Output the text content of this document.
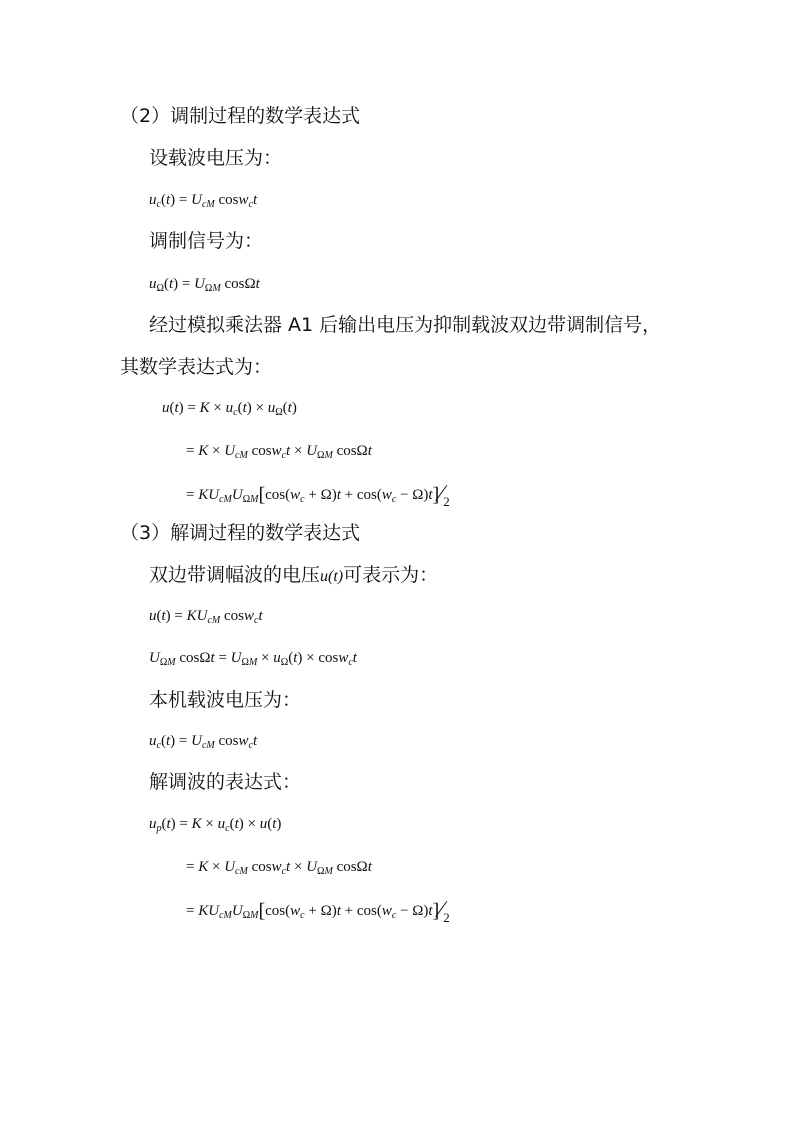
（2）调制过程的数学表达式
设载波电压为：
$u_c(t) = U_{cM}$ cosw$_c$t
调制信号为：
$u_\Omega(t) = U_{\Omega M}$ cosΩt
经过模拟乘法器 A1 后输出电压为抑制载波双边带调制信号，
其数学表达式为：
$u(t) = K \times u_c(t) \times u_\Omega(t)$
= $K \times U_{cM}$ $\cos w_ct \times U_{\Omega M}$ cosΩt
= $KU_{cM}U_{\Omega M}[\cos(w_c + \Omega)t + \cos(w_c$ − Ω)t]∕2
（3）解调过程的数学表达式
双边带调幅波的电压u(t)可表示为：
$u(t) = KU_{cM}$ cosw$_c$t
$U_{\Omega M}$ $\cos\Omega t = U_{\Omega M} \times u_\Omega(t) \times \cos w_ct$
本机载波电压为：
$u_c(t) = U_{cM}$ cosw$_c$t
解调波的表达式：
$u_p(t) = K \times u_c(t) \times u(t)$
= $K \times U_{cM}$ $\cos w_ct \times U_{\Omega M}$ cosΩt
= $KU_{cM}U_{\Omega M}[\cos(w_c + \Omega)t + \cos(w_c$ − Ω)t]∕2
